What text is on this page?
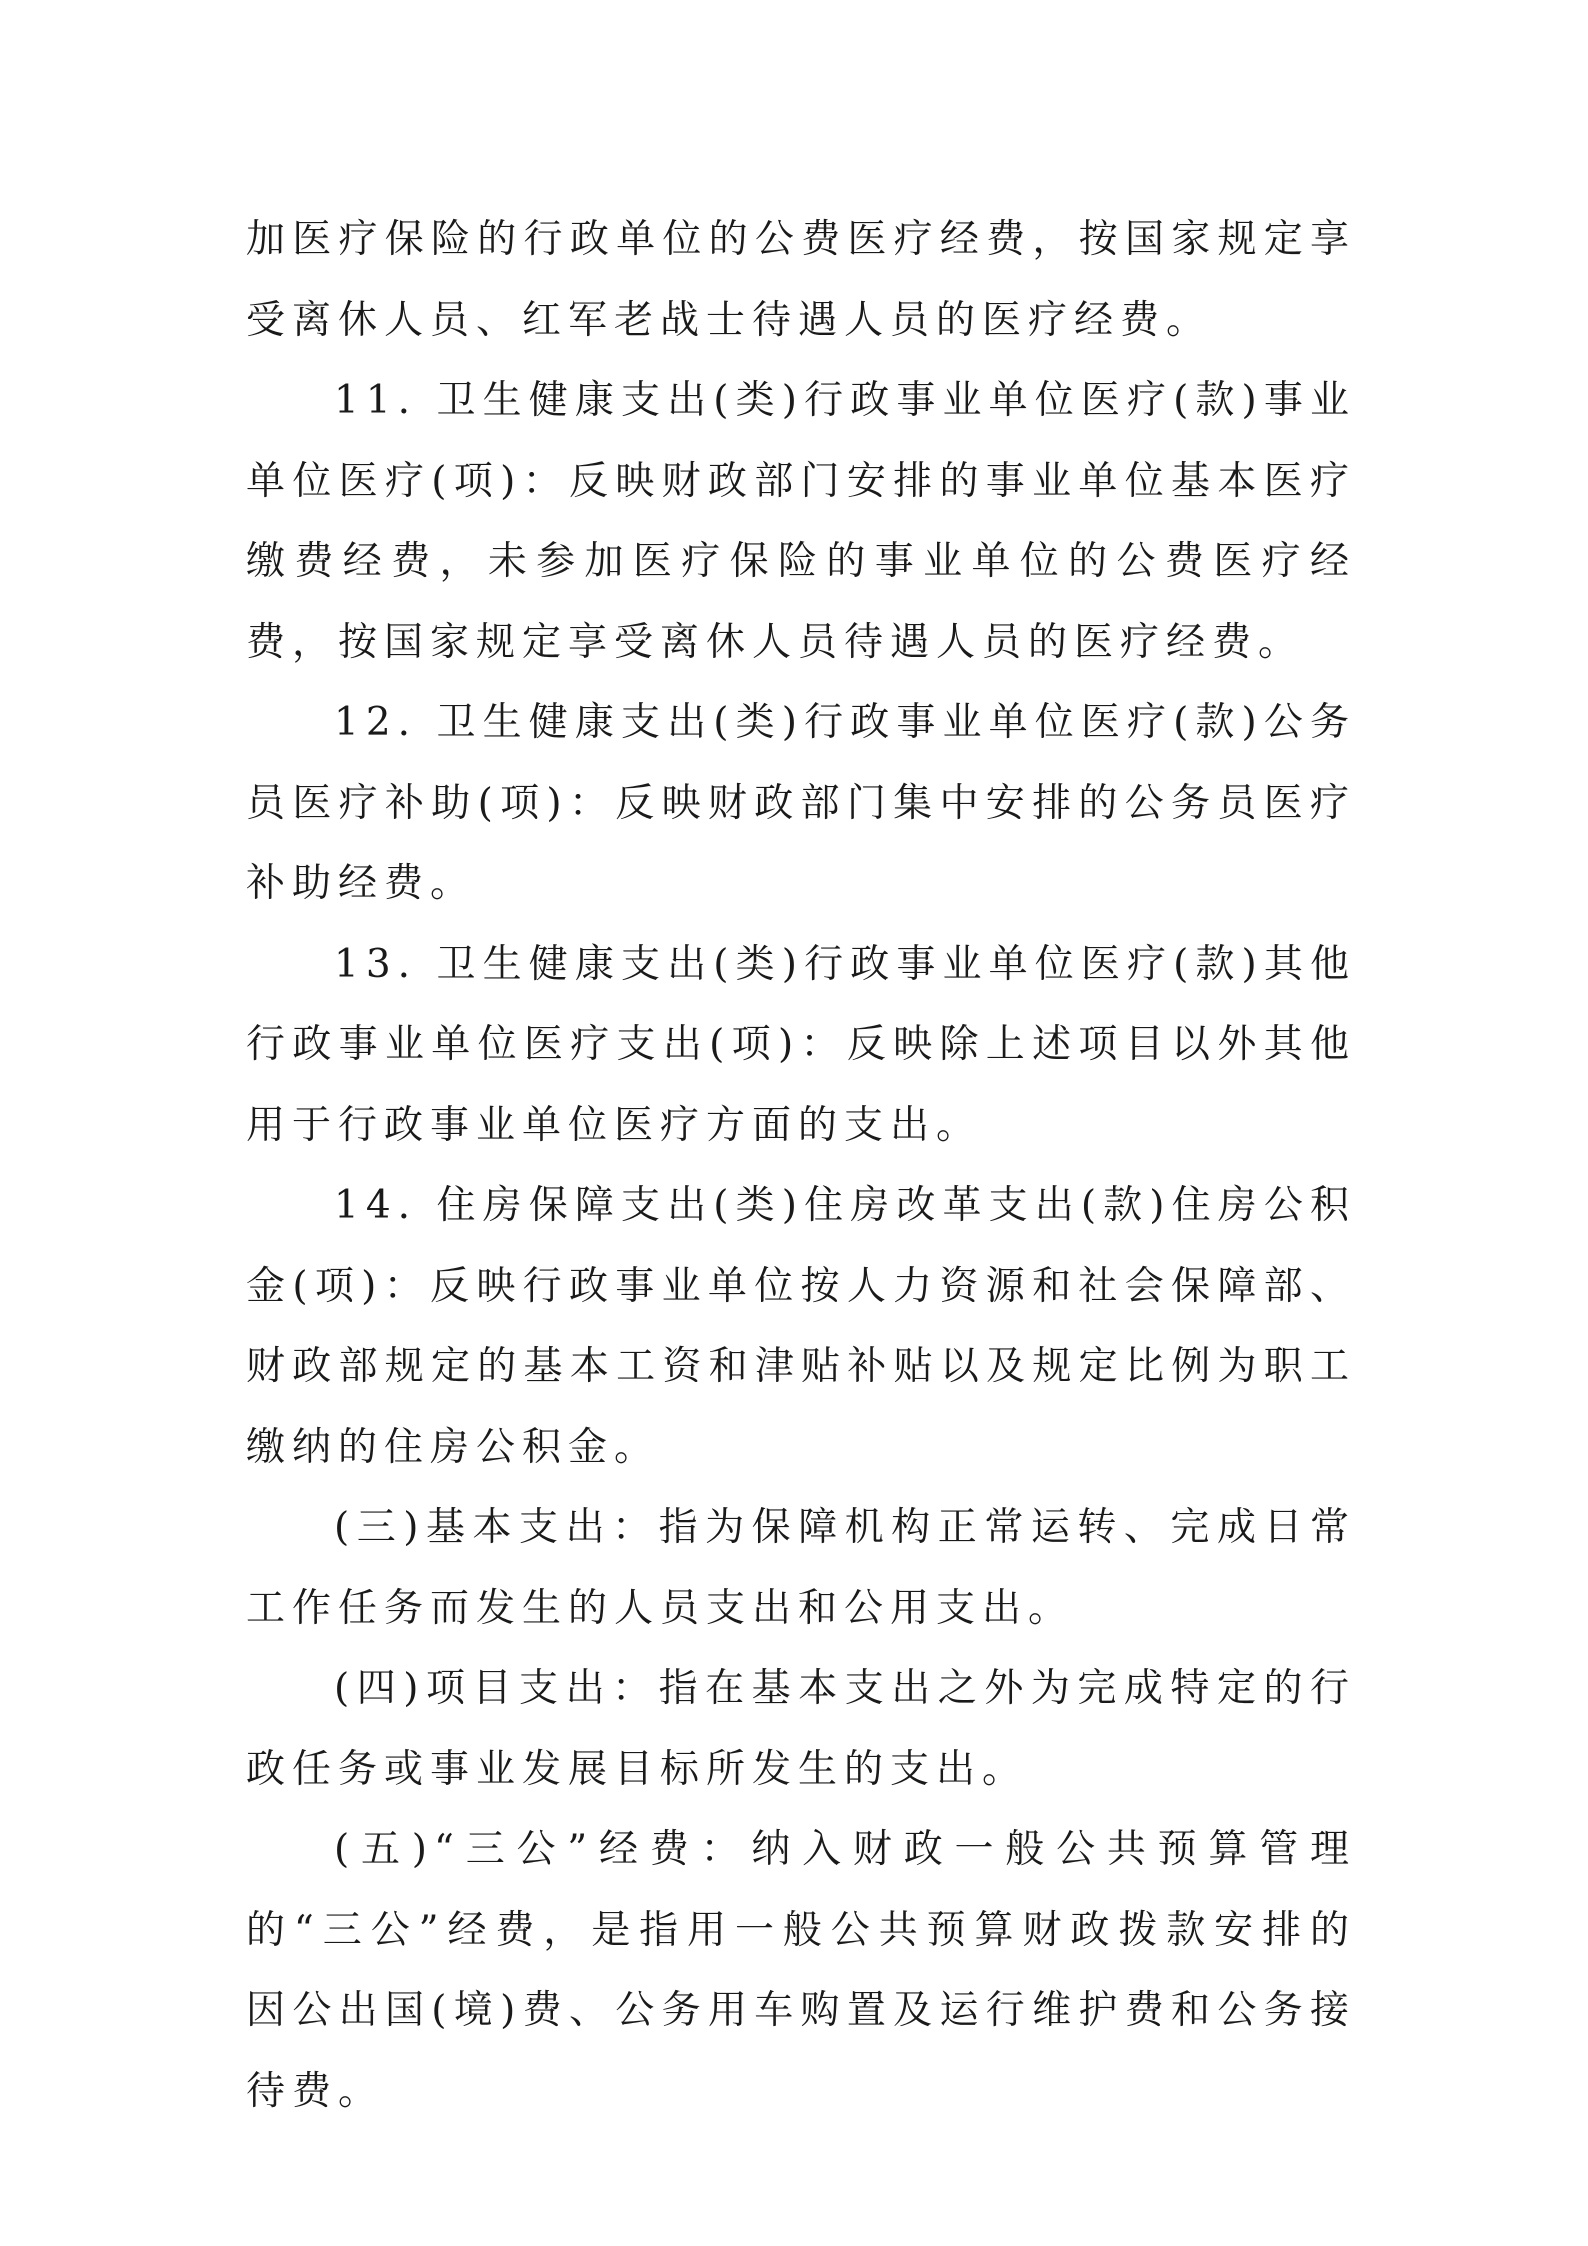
加医疗保险的行政单位的公费医疗经费，按国家规定享受离休人员、红军老战士待遇人员的医疗经费。

11. 卫生健康支出(类)行政事业单位医疗(款)事业单位医疗(项)：反映财政部门安排的事业单位基本医疗缴费经费，未参加医疗保险的事业单位的公费医疗经费，按国家规定享受离休人员待遇人员的医疗经费。

12. 卫生健康支出(类)行政事业单位医疗(款)公务员医疗补助(项)：反映财政部门集中安排的公务员医疗补助经费。

13. 卫生健康支出(类)行政事业单位医疗(款)其他行政事业单位医疗支出(项)：反映除上述项目以外其他用于行政事业单位医疗方面的支出。

14. 住房保障支出(类)住房改革支出(款)住房公积金(项)：反映行政事业单位按人力资源和社会保障部、财政部规定的基本工资和津贴补贴以及规定比例为职工缴纳的住房公积金。

(三)基本支出：指为保障机构正常运转、完成日常工作任务而发生的人员支出和公用支出。

(四)项目支出：指在基本支出之外为完成特定的行政任务或事业发展目标所发生的支出。

(五)“三公”经费：纳入财政一般公共预算管理的“三公”经费，是指用一般公共预算财政拨款安排的因公出国(境)费、公务用车购置及运行维护费和公务接待费。
